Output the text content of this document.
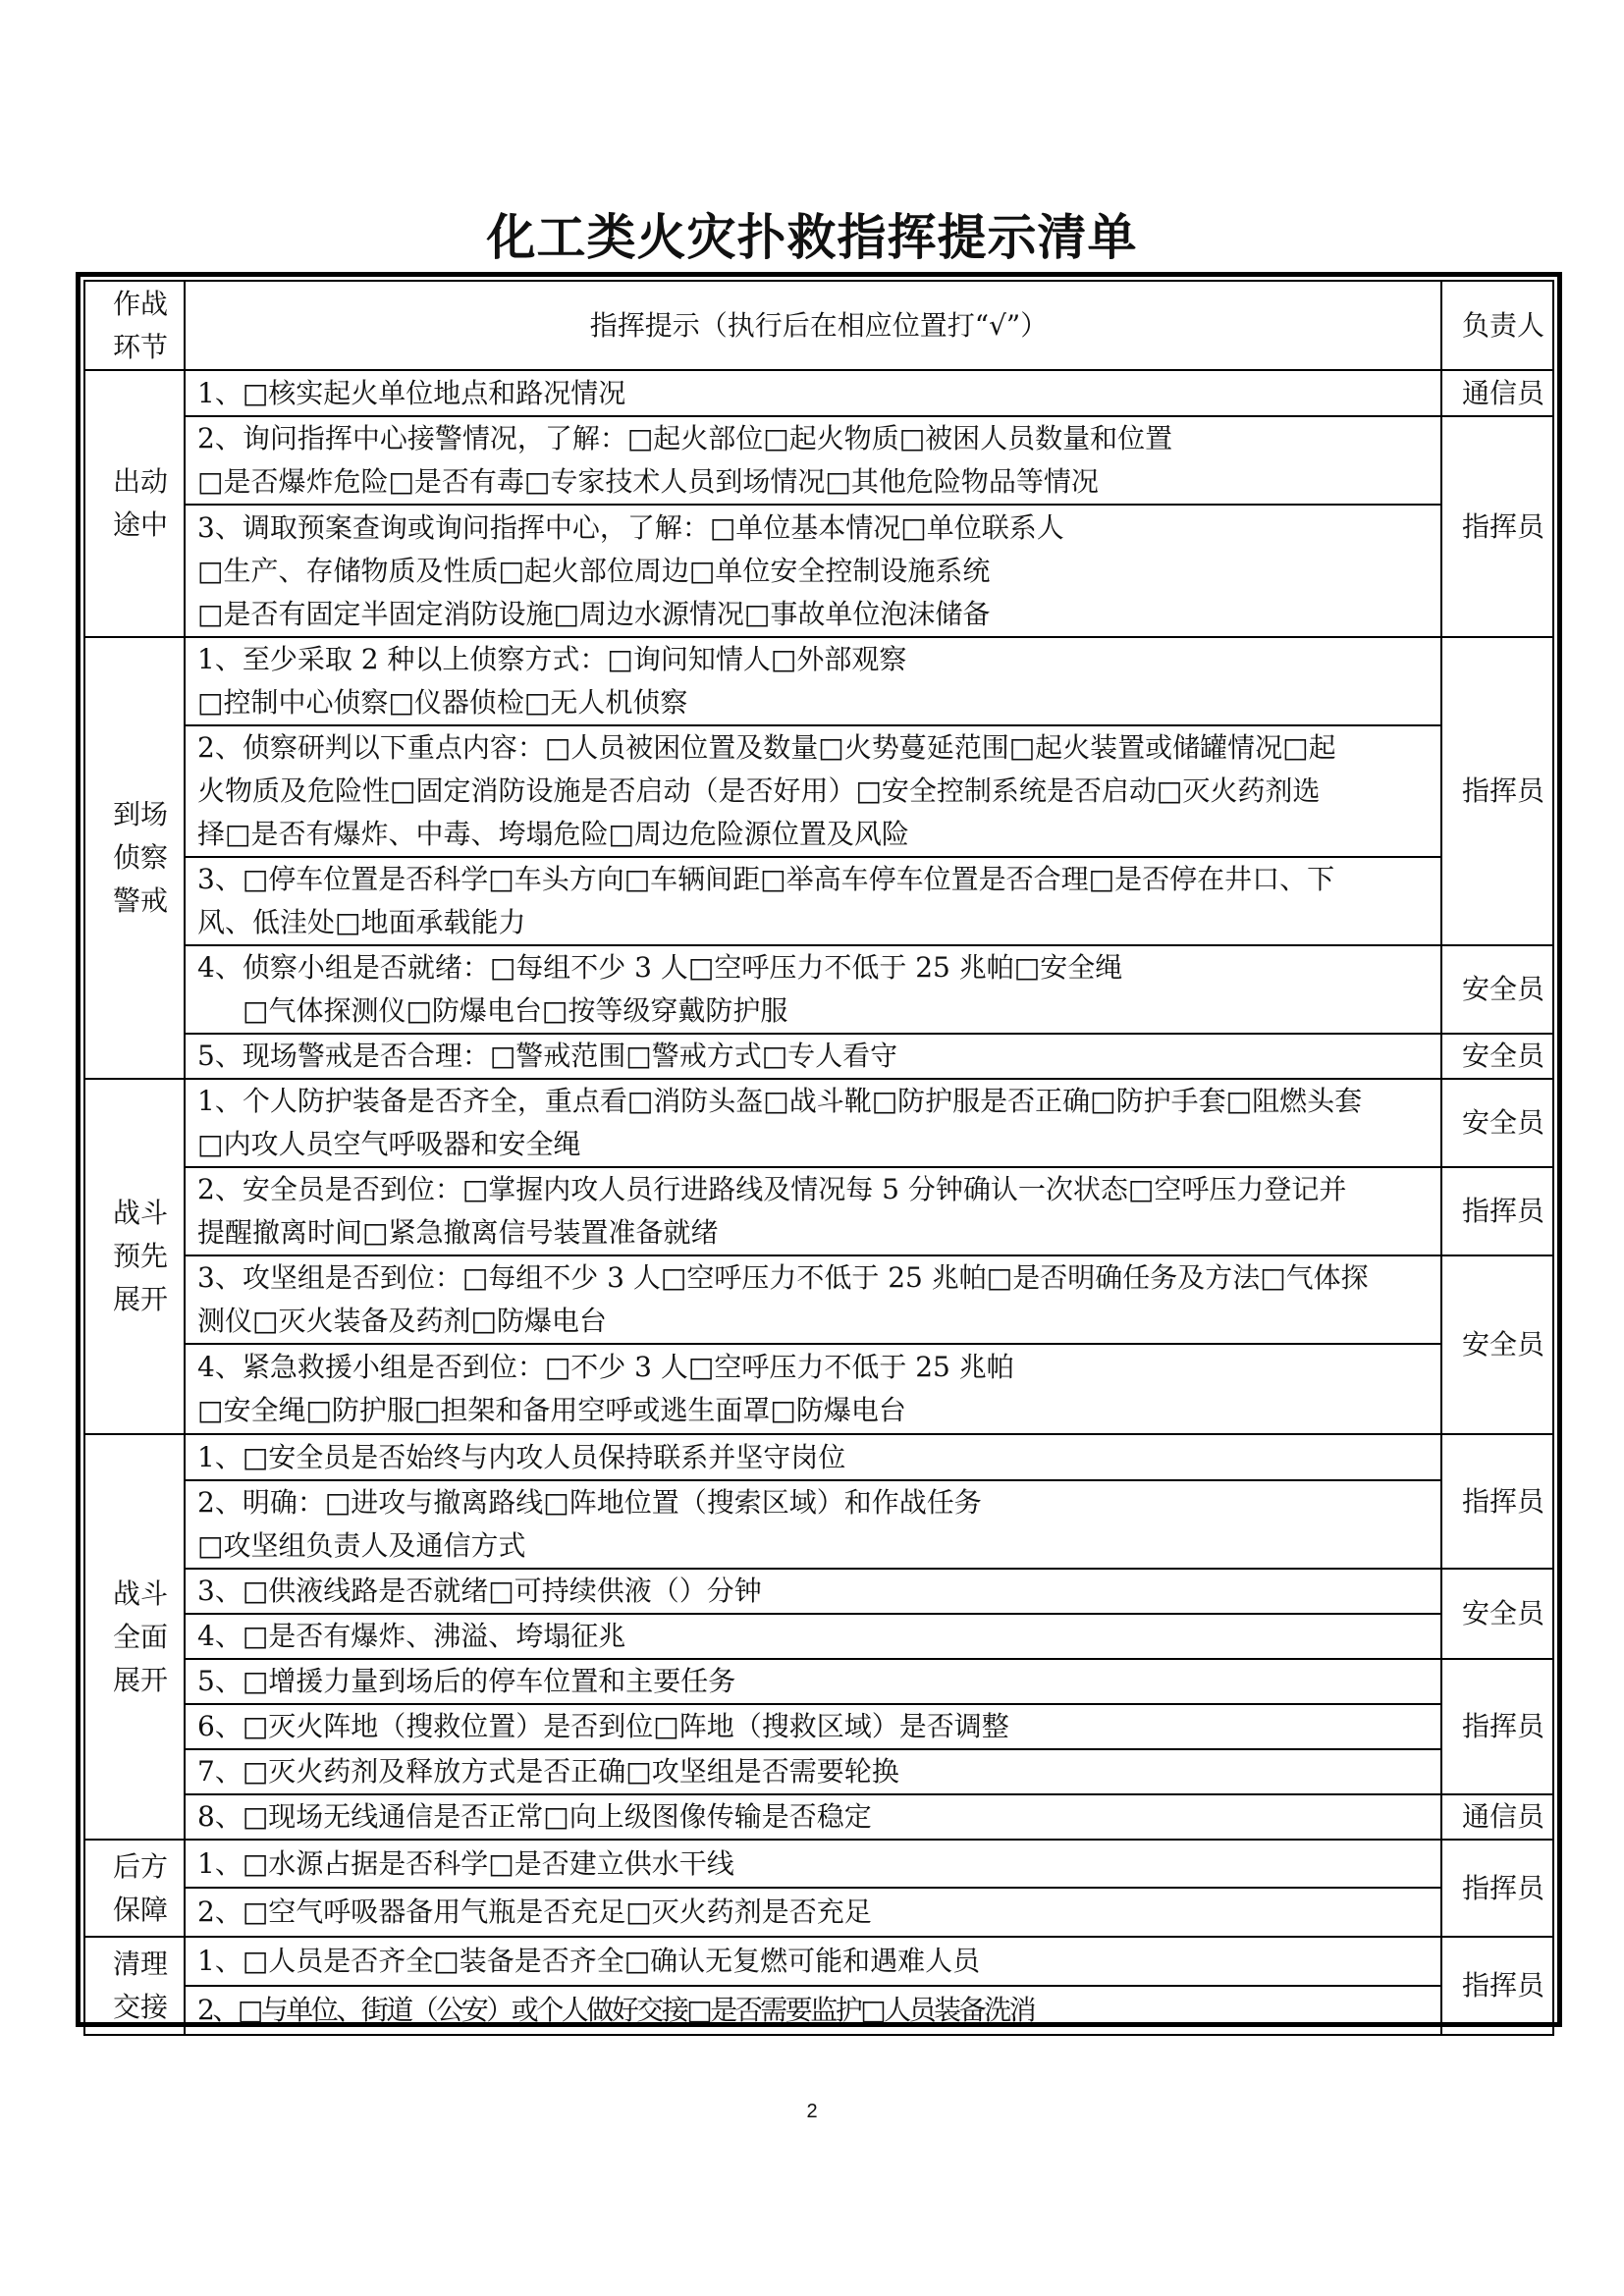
化工类火灾扑救指挥提示清单
作战
环节	指挥提示（执行后在相应位置打“√”）	负责人

出动
途中	1、□核实起火单位地点和路况情况	通信员

	2、询问指挥中心接警情况，了解：□起火部位□起火物质□被困人员数量和位置
□是否爆炸危险□是否有毒□专家技术人员到场情况□其他危险物品等情况	指挥员

	3、调取预案查询或询问指挥中心，了解：□单位基本情况□单位联系人
□生产、存储物质及性质□起火部位周边□单位安全控制设施系统
□是否有固定半固定消防设施□周边水源情况□事故单位泡沫储备	

到场
侦察
警戒	1、至少采取 2 种以上侦察方式：□询问知情人□外部观察
□控制中心侦察□仪器侦检□无人机侦察	指挥员

	2、侦察研判以下重点内容：□人员被困位置及数量□火势蔓延范围□起火装置或储罐情况□起
火物质及危险性□固定消防设施是否启动（是否好用）□安全控制系统是否启动□灭火药剂选
择□是否有爆炸、中毒、垮塌危险□周边危险源位置及风险	

	3、□停车位置是否科学□车头方向□车辆间距□举高车停车位置是否合理□是否停在井口、下
风、低洼处□地面承载能力	

	4、侦察小组是否就绪：□每组不少 3 人□空呼压力不低于 25 兆帕□安全绳
□气体探测仪□防爆电台□按等级穿戴防护服	安全员

	5、现场警戒是否合理：□警戒范围□警戒方式□专人看守	安全员

战斗
预先
展开	1、个人防护装备是否齐全，重点看□消防头盔□战斗靴□防护服是否正确□防护手套□阻燃头套
□内攻人员空气呼吸器和安全绳	安全员

	2、安全员是否到位：□掌握内攻人员行进路线及情况每 5 分钟确认一次状态□空呼压力登记并
提醒撤离时间□紧急撤离信号装置准备就绪	指挥员

	3、攻坚组是否到位：□每组不少 3 人□空呼压力不低于 25 兆帕□是否明确任务及方法□气体探
测仪□灭火装备及药剂□防爆电台	安全员

	4、紧急救援小组是否到位：□不少 3 人□空呼压力不低于 25 兆帕
□安全绳□防护服□担架和备用空呼或逃生面罩□防爆电台	

战斗
全面
展开	1、□安全员是否始终与内攻人员保持联系并坚守岗位	指挥员

	2、明确：□进攻与撤离路线□阵地位置（搜索区域）和作战任务
□攻坚组负责人及通信方式	

	3、□供液线路是否就绪□可持续供液（）分钟	安全员

	4、□是否有爆炸、沸溢、垮塌征兆	

	5、□增援力量到场后的停车位置和主要任务	指挥员

	6、□灭火阵地（搜救位置）是否到位□阵地（搜救区域）是否调整	

	7、□灭火药剂及释放方式是否正确□攻坚组是否需要轮换	

	8、□现场无线通信是否正常□向上级图像传输是否稳定	通信员

后方
保障	1、□水源占据是否科学□是否建立供水干线	指挥员

	2、□空气呼吸器备用气瓶是否充足□灭火药剂是否充足	

清理
交接	1、□人员是否齐全□装备是否齐全□确认无复燃可能和遇难人员	指挥员

	2、□与单位、街道（公安）或个人做好交接□是否需要监护□人员装备洗消	
2
